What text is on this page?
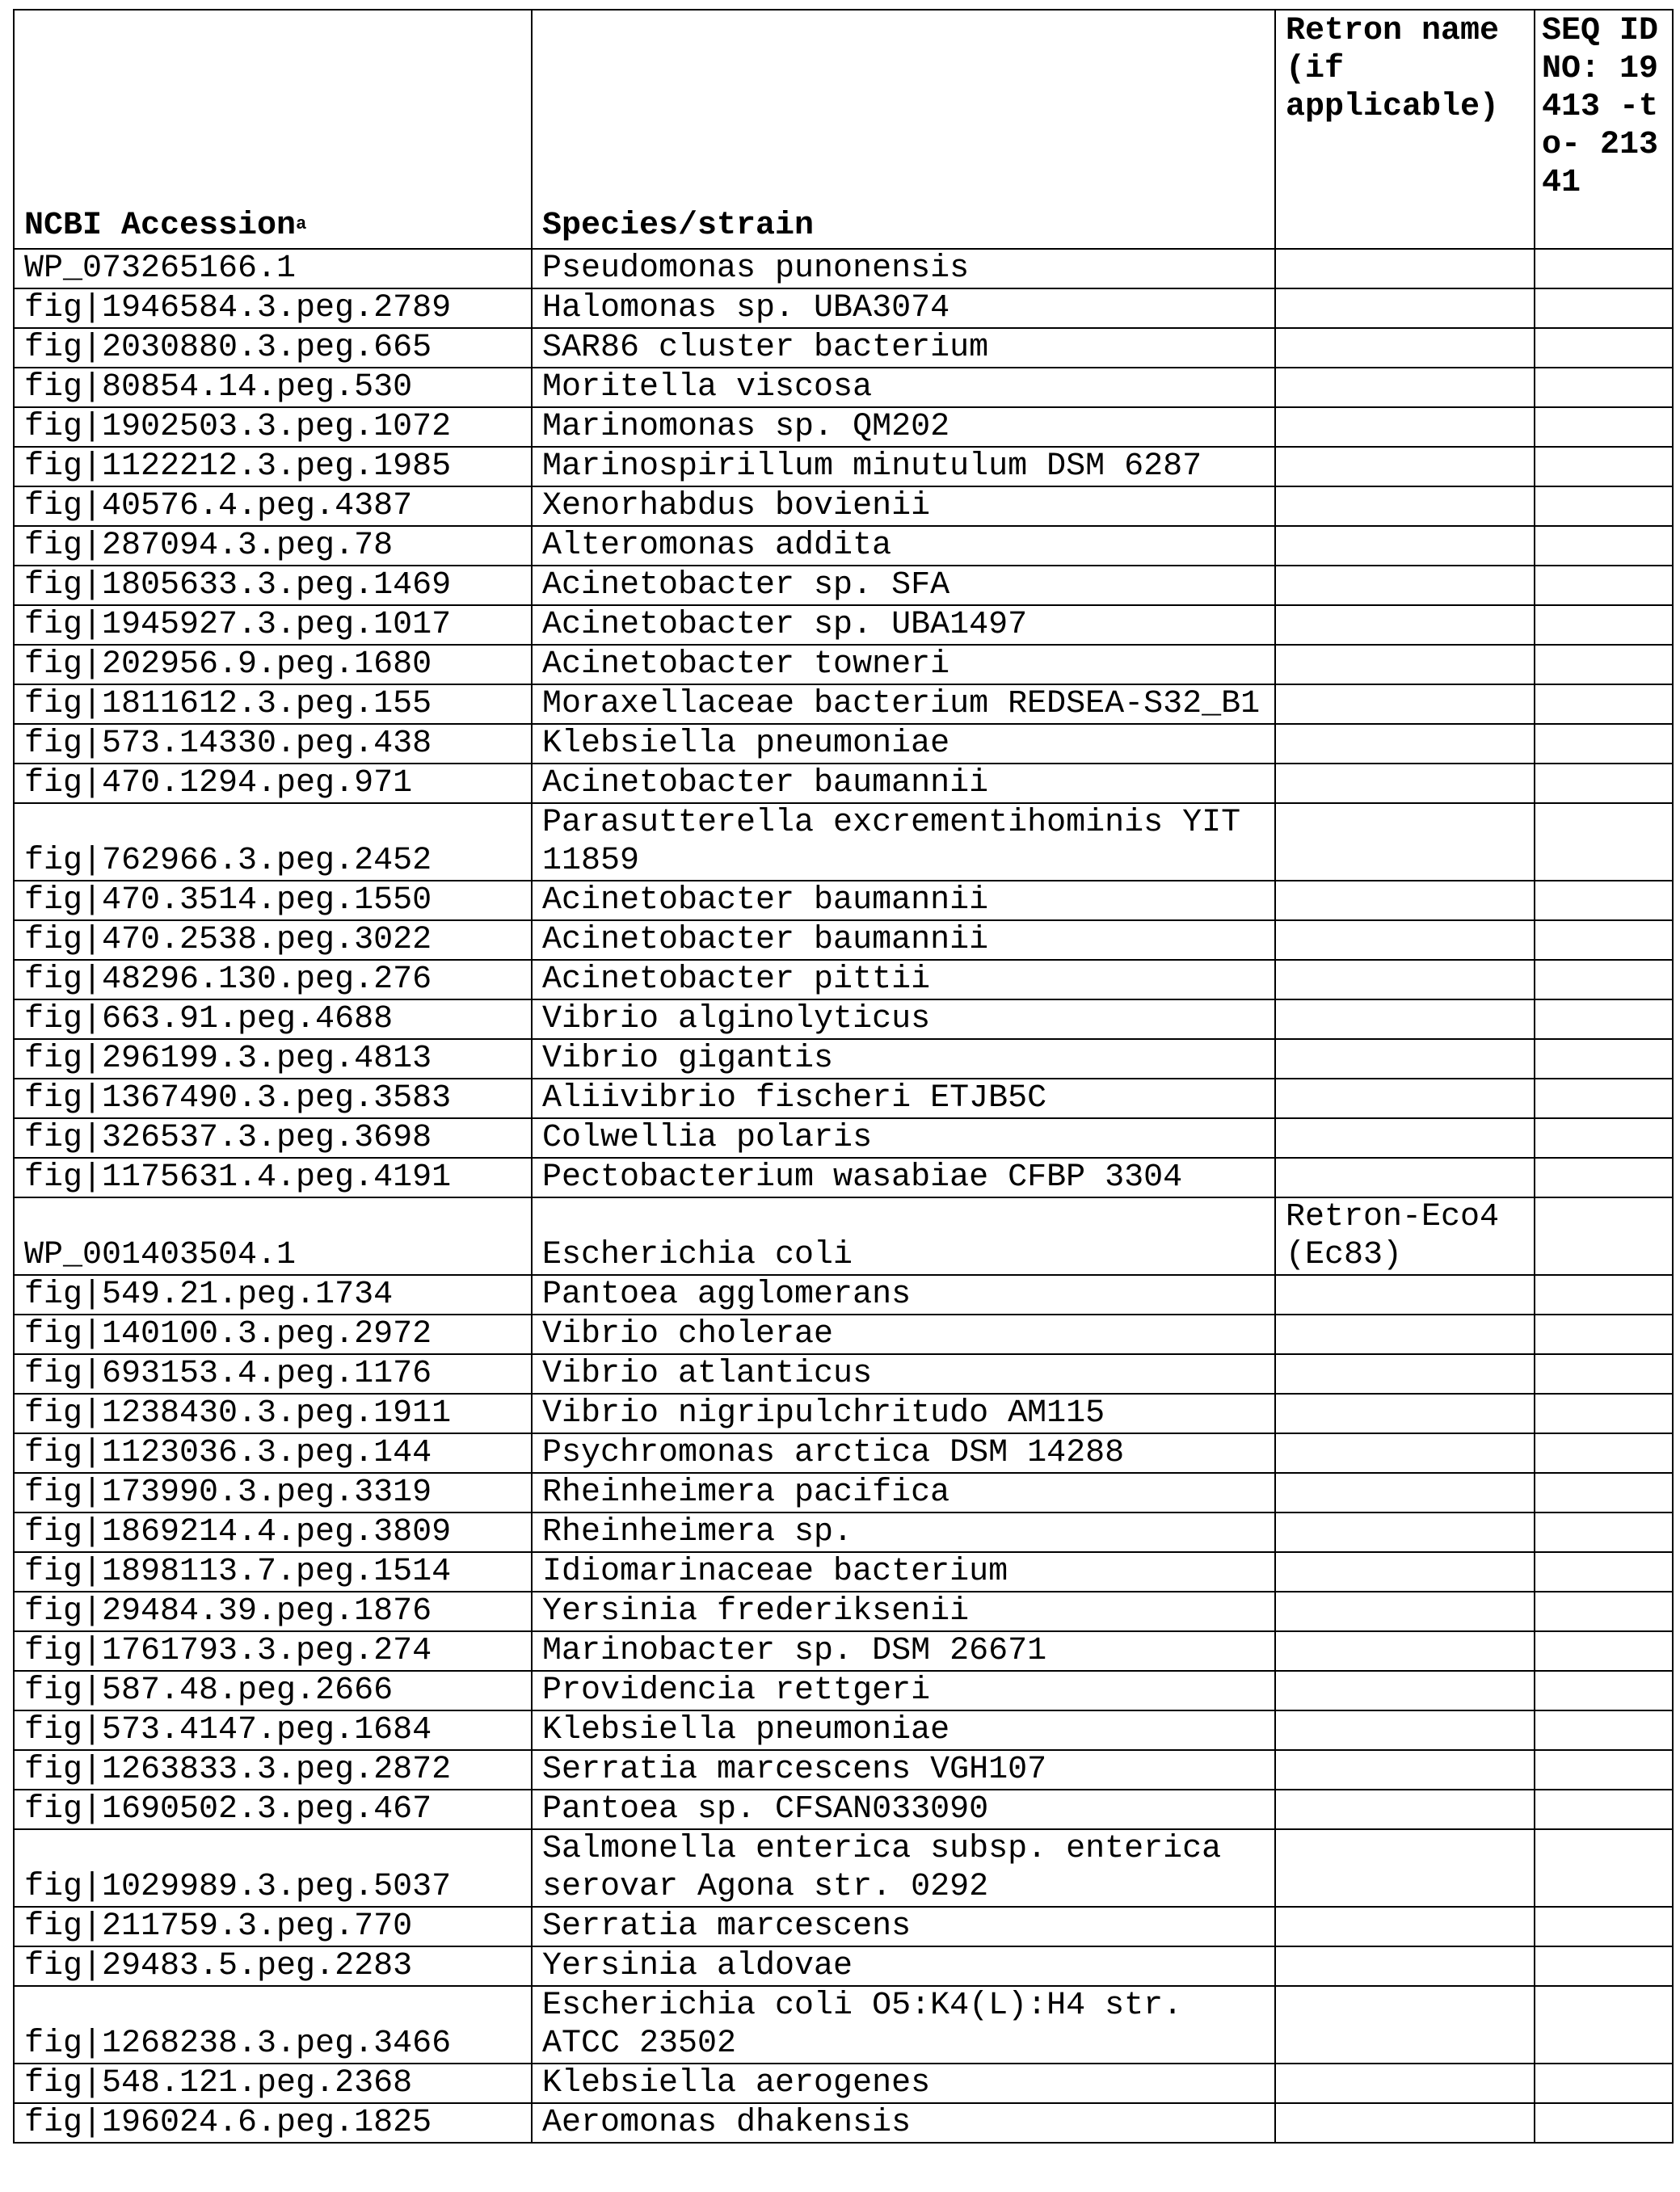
NCBI Accessiona	Species/strain	Retron name (if applicable)	SEQ ID NO: 19413 -to- 21341
WP_073265166.1	Pseudomonas punonensis		
fig|1946584.3.peg.2789	Halomonas sp. UBA3074		
fig|2030880.3.peg.665	SAR86 cluster bacterium		
fig|80854.14.peg.530	Moritella viscosa		
fig|1902503.3.peg.1072	Marinomonas sp. QM202		
fig|1122212.3.peg.1985	Marinospirillum minutulum DSM 6287		
fig|40576.4.peg.4387	Xenorhabdus bovienii		
fig|287094.3.peg.78	Alteromonas addita		
fig|1805633.3.peg.1469	Acinetobacter sp. SFA		
fig|1945927.3.peg.1017	Acinetobacter sp. UBA1497		
fig|202956.9.peg.1680	Acinetobacter towneri		
fig|1811612.3.peg.155	Moraxellaceae bacterium REDSEA-S32_B1		
fig|573.14330.peg.438	Klebsiella pneumoniae		
fig|470.1294.peg.971	Acinetobacter baumannii		
fig|762966.3.peg.2452	Parasutterella excrementihominis YIT 11859		
fig|470.3514.peg.1550	Acinetobacter baumannii		
fig|470.2538.peg.3022	Acinetobacter baumannii		
fig|48296.130.peg.276	Acinetobacter pittii		
fig|663.91.peg.4688	Vibrio alginolyticus		
fig|296199.3.peg.4813	Vibrio gigantis		
fig|1367490.3.peg.3583	Aliivibrio fischeri ETJB5C		
fig|326537.3.peg.3698	Colwellia polaris		
fig|1175631.4.peg.4191	Pectobacterium wasabiae CFBP 3304		
WP_001403504.1	Escherichia coli	Retron-Eco4 (Ec83)	
fig|549.21.peg.1734	Pantoea agglomerans		
fig|140100.3.peg.2972	Vibrio cholerae		
fig|693153.4.peg.1176	Vibrio atlanticus		
fig|1238430.3.peg.1911	Vibrio nigripulchritudo AM115		
fig|1123036.3.peg.144	Psychromonas arctica DSM 14288		
fig|173990.3.peg.3319	Rheinheimera pacifica		
fig|1869214.4.peg.3809	Rheinheimera sp.		
fig|1898113.7.peg.1514	Idiomarinaceae bacterium		
fig|29484.39.peg.1876	Yersinia frederiksenii		
fig|1761793.3.peg.274	Marinobacter sp. DSM 26671		
fig|587.48.peg.2666	Providencia rettgeri		
fig|573.4147.peg.1684	Klebsiella pneumoniae		
fig|1263833.3.peg.2872	Serratia marcescens VGH107		
fig|1690502.3.peg.467	Pantoea sp. CFSAN033090		
fig|1029989.3.peg.5037	Salmonella enterica subsp. enterica serovar Agona str. 0292		
fig|211759.3.peg.770	Serratia marcescens		
fig|29483.5.peg.2283	Yersinia aldovae		
fig|1268238.3.peg.3466	Escherichia coli O5:K4(L):H4 str. ATCC 23502		
fig|548.121.peg.2368	Klebsiella aerogenes		
fig|196024.6.peg.1825	Aeromonas dhakensis		
